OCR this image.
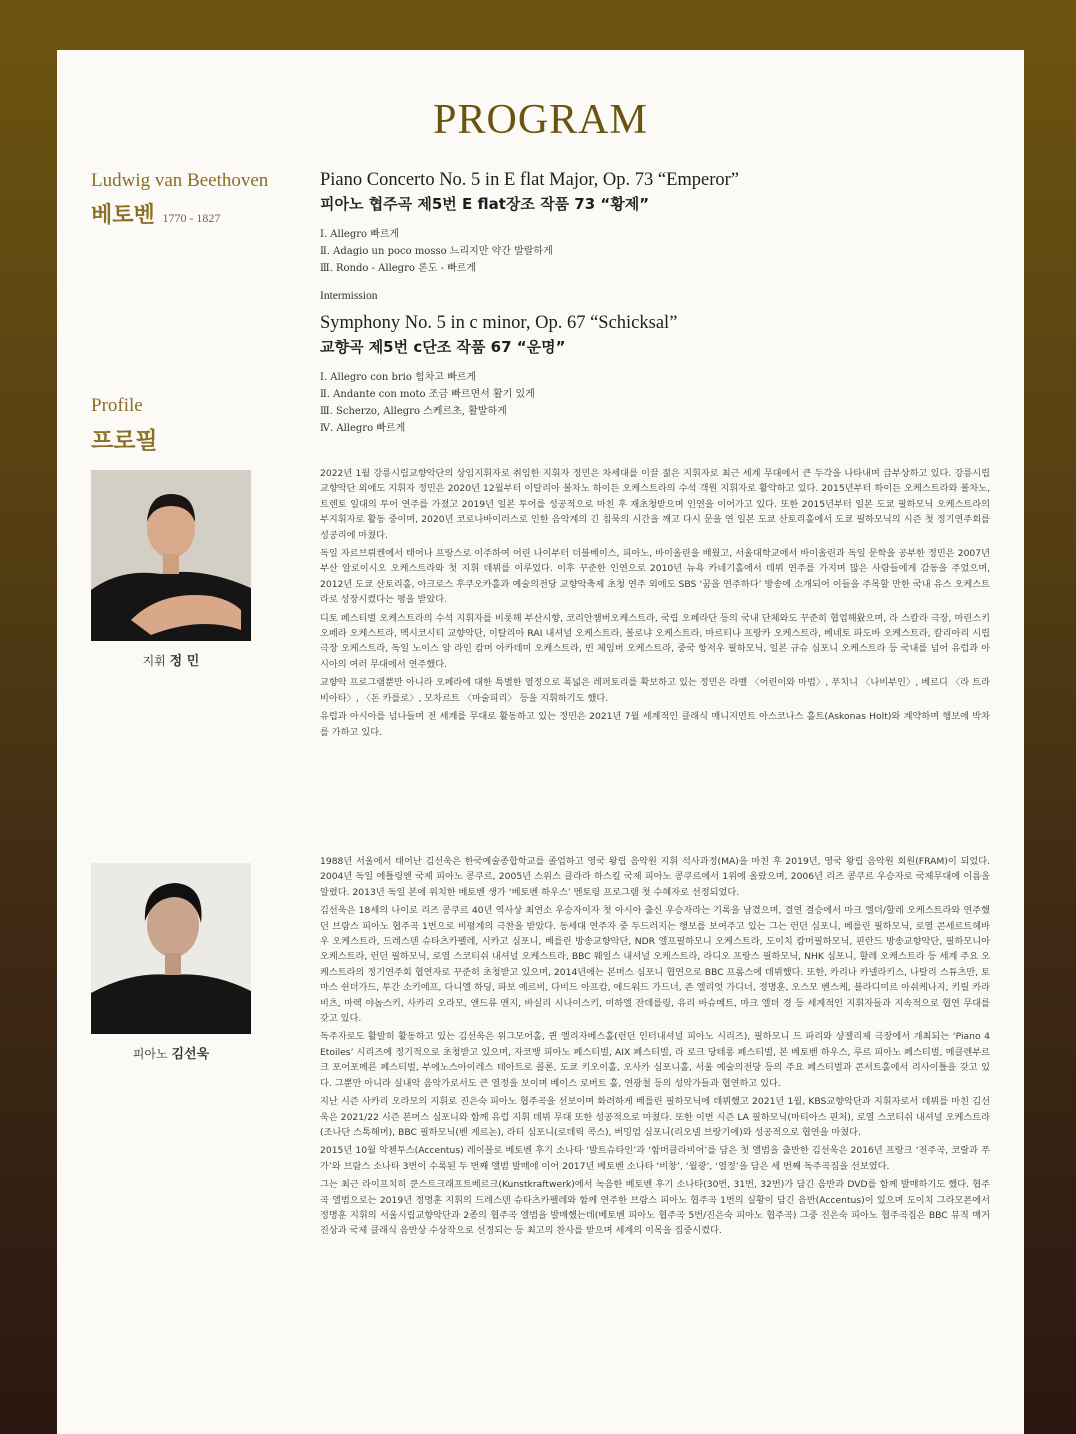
PROGRAM
Ludwig van Beethoven
베토벤 1770 - 1827
Profile
프로필
지휘 정 민
피아노 김선욱
Piano Concerto No. 5 in E flat Major, Op. 73 “Emperor”
피아노 협주곡 제5번 E flat장조 작품 73 “황제”
Ⅰ. Allegro 빠르게
Ⅱ. Adagio un poco mosso 느리지만 약간 발랄하게
Ⅲ. Rondo - Allegro 론도 - 빠르게
Intermission
Symphony No. 5 in c minor, Op. 67 “Schicksal”
교향곡 제5번 c단조 작품 67 “운명”
Ⅰ. Allegro con brio 힘차고 빠르게
Ⅱ. Andante con moto 조금 빠르면서 활기 있게
Ⅲ. Scherzo, Allegro 스케르초, 활발하게
Ⅳ. Allegro 빠르게

2022년 1월 강릉시립교향악단의 상임지휘자로 취임한 지휘자 정민은 차세대를 이끌 젊은 지휘자로 최근 세계 무대에서 큰 두각을 나타내며 급부상하고 있다. 강릉시립교향악단 외에도 지휘자 정민은 2020년 12월부터 이탈리아 볼차노 하이든 오케스트라의 수석 객원 지휘자로 활약하고 있다. 2015년부터 하이든 오케스트라와 볼차노, 트렌토 일대의 투어 연주를 가졌고 2019년 일본 투어를 성공적으로 마친 후 재초청받으며 인연을 이어가고 있다. 또한 2015년부터 일본 도쿄 필하모닉 오케스트라의 부지휘자로 활동 중이며, 2020년 코로나바이러스로 인한 음악계의 긴 침묵의 시간을 깨고 다시 문을 연 일본 도쿄 산토리홀에서 도쿄 필하모닉의 시즌 첫 정기연주회를 성공리에 마쳤다.

독일 자르브뤼켄에서 태어나 프랑스로 이주하여 어린 나이부터 더블베이스, 피아노, 바이올린을 배웠고, 서울대학교에서 바이올린과 독일 문학을 공부한 정민은 2007년 부산 알로이시오 오케스트라와 첫 지휘 데뷔를 이루었다. 이후 꾸준한 인연으로 2010년 뉴욕 카네기홀에서 데뷔 연주를 가지며 많은 사람들에게 감동을 주었으며, 2012년 도쿄 산토리홀, 아크로스 후쿠오카홀과 예술의전당 교향악축제 초청 연주 외에도 SBS ‘꿈을 연주하다’ 방송에 소개되어 이들을 주목할 만한 국내 유스 오케스트라로 성장시켰다는 평을 받았다.

디토 페스티벌 오케스트라의 수석 지휘자를 비롯해 부산시향, 코리안챔버오케스트라, 국립 오페라단 등의 국내 단체와도 꾸준히 협업해왔으며, 라 스칼라 극장, 마린스키 오페라 오케스트라, 멕시코시티 교향악단, 이탈리아 RAI 내셔널 오케스트라, 볼로냐 오케스트라, 마르티나 프랑카 오케스트라, 베네토 파도바 오케스트라, 칼리아리 시립극장 오케스트라, 독일 노이스 암 라인 캄머 아카데미 오케스트라, 빈 체임버 오케스트라, 중국 항저우 필하모닉, 일본 규슈 심포니 오케스트라 등 국내를 넘어 유럽과 아시아의 여러 무대에서 연주했다.

교향악 프로그램뿐만 아니라 오페라에 대한 특별한 열정으로 폭넓은 레퍼토리를 확보하고 있는 정민은 라벨 〈어린이와 마법〉, 푸치니 〈나비부인〉, 베르디 〈라 트라비아타〉, 〈돈 카를로〉, 모차르트 〈마술피리〉 등을 지휘하기도 했다.

유럽과 아시아를 넘나들며 전 세계를 무대로 활동하고 있는 정민은 2021년 7월 세계적인 클래식 매니지먼트 아스코나스 홀트(Askonas Holt)와 계약하며 행보에 박차를 가하고 있다.

1988년 서울에서 태어난 김선욱은 한국예술종합학교를 졸업하고 영국 왕립 음악원 지휘 석사과정(MA)을 마친 후 2019년, 영국 왕립 음악원 회원(FRAM)이 되었다. 2004년 독일 에틀링엔 국제 피아노 콩쿠르, 2005년 스위스 클라라 하스킬 국제 피아노 콩쿠르에서 1위에 올랐으며, 2006년 리즈 콩쿠르 우승자로 국제무대에 이름을 알렸다. 2013년 독일 본에 위치한 베토벤 생가 ‘베토벤 하우스’ 멘토링 프로그램 첫 수혜자로 선정되었다.

김선욱은 18세의 나이로 리즈 콩쿠르 40년 역사상 최연소 우승자이자 첫 아시아 출신 우승자라는 기록을 남겼으며, 결연 결승에서 마크 엘더/할레 오케스트라와 연주했던 브람스 피아노 협주곡 1번으로 비평계의 극찬을 받았다. 동세대 연주자 중 두드러지는 행보를 보여주고 있는 그는 런던 심포니, 베를린 필하모닉, 로열 콘세르트헤바우 오케스트라, 드레스덴 슈타츠카펠레, 시카고 심포니, 베를린 방송교향악단, NDR 엘프필하모니 오케스트라, 도이치 캄머필하모닉, 핀란드 방송교향악단, 필하모니아 오케스트라, 런던 필하모닉, 로열 스코티쉬 내셔널 오케스트라, BBC 웨일스 내셔널 오케스트라, 라디오 프랑스 필하모닉, NHK 심포니, 할레 오케스트라 등 세계 주요 오케스트라의 정기연주회 협연자로 꾸준히 초청받고 있으며, 2014년에는 본머스 심포니 협연으로 BBC 프롬스에 데뷔했다. 또한, 카리나 카넬라키스, 나탈리 스튜츠만, 토마스 쉰더가드, 투간 소키에프, 다니엘 하딩, 파보 예르비, 다비드 아프캄, 에드워드 가드너, 존 엘리엇 가디너, 정명훈, 오스모 벤스케, 블라디미르 아쉬케나지, 키릴 카라비츠, 마렉 야놉스키, 사카리 오라모, 앤드류 맨지, 바실리 시나이스키, 미하엘 잔데를링, 유리 바슈메트, 마크 엘더 경 등 세계적인 지휘자들과 지속적으로 협연 무대를 갖고 있다.

독주자로도 활발히 활동하고 있는 김선욱은 위그모어홀, 퀸 엘리자베스홀(런던 인터내셔널 피아노 시리즈), 필하모니 드 파리와 샹젤리제 극장에서 개최되는 ‘Piano 4 Etoiles’ 시리즈에 정기적으로 초청받고 있으며, 자코뱅 피아노 페스티벌, AIX 페스티벌, 라 로크 당테롱 페스티벌, 본 베토벤 하우스, 루르 피아노 페스티벌, 메클렌부르크 포어포메른 페스티벌, 부에노스아이레스 테아트로 콜론, 도쿄 키오이홀, 오사카 심포니홀, 서울 예술의전당 등의 주요 페스티벌과 콘서트홀에서 리사이틀을 갖고 있다. 그뿐만 아니라 실내악 음악가로서도 큰 열정을 보이며 베이스 로버트 홀, 연광철 등의 성악가들과 협연하고 있다.

지난 시즌 사카리 오라모의 지휘로 진은숙 피아노 협주곡을 선보이며 화려하게 베를린 필하모닉에 데뷔했고 2021년 1월, KBS교향악단과 지휘자로서 데뷔를 마친 김선욱은 2021/22 시즌 본머스 심포니와 함께 유럽 지휘 데뷔 무대 또한 성공적으로 마쳤다. 또한 이번 시즌 LA 필하모닉(마티아스 핀처), 로열 스코티쉬 내셔널 오케스트라(조나단 스톡해머), BBC 필하모닉(벤 게르논), 라티 심포니(로데릭 콕스), 버밍엄 심포니(리오넬 브랑기에)와 성공적으로 협연을 마쳤다.

2015년 10월 악첸투스(Accentus) 레이블로 베토벤 후기 소나타 ‘발트슈타인’과 ‘함머클라비어’를 담은 첫 앨범을 출반한 김선욱은 2016년 프랑크 ‘전주곡, 코랄과 푸가’와 브람스 소나타 3번이 수록된 두 번째 앨범 발매에 이어 2017년 베토벤 소나타 ‘비창’, ‘월광’, ‘열정’을 담은 세 번째 독주곡집을 선보였다.

그는 최근 라이프치히 쿤스트크래프트베르크(Kunstkraftwerk)에서 녹음한 베토벤 후기 소나타(30번, 31번, 32번)가 담긴 음반과 DVD를 함께 발매하기도 했다. 협주곡 앨범으로는 2019년 정명훈 지휘의 드레스덴 슈타츠카펠레와 함께 연주한 브람스 피아노 협주곡 1번의 실황이 담긴 음반(Accentus)이 있으며 도이치 그라모폰에서 정명훈 지휘의 서울시립교향악단과 2종의 협주곡 앨범을 발매했는데(베토벤 피아노 협주곡 5번/진은숙 피아노 협주곡) 그중 진은숙 피아노 협주곡집은 BBC 뮤직 매거진상과 국제 클래식 음반상 수상작으로 선정되는 등 최고의 찬사를 받으며 세계의 이목을 집중시켰다.
